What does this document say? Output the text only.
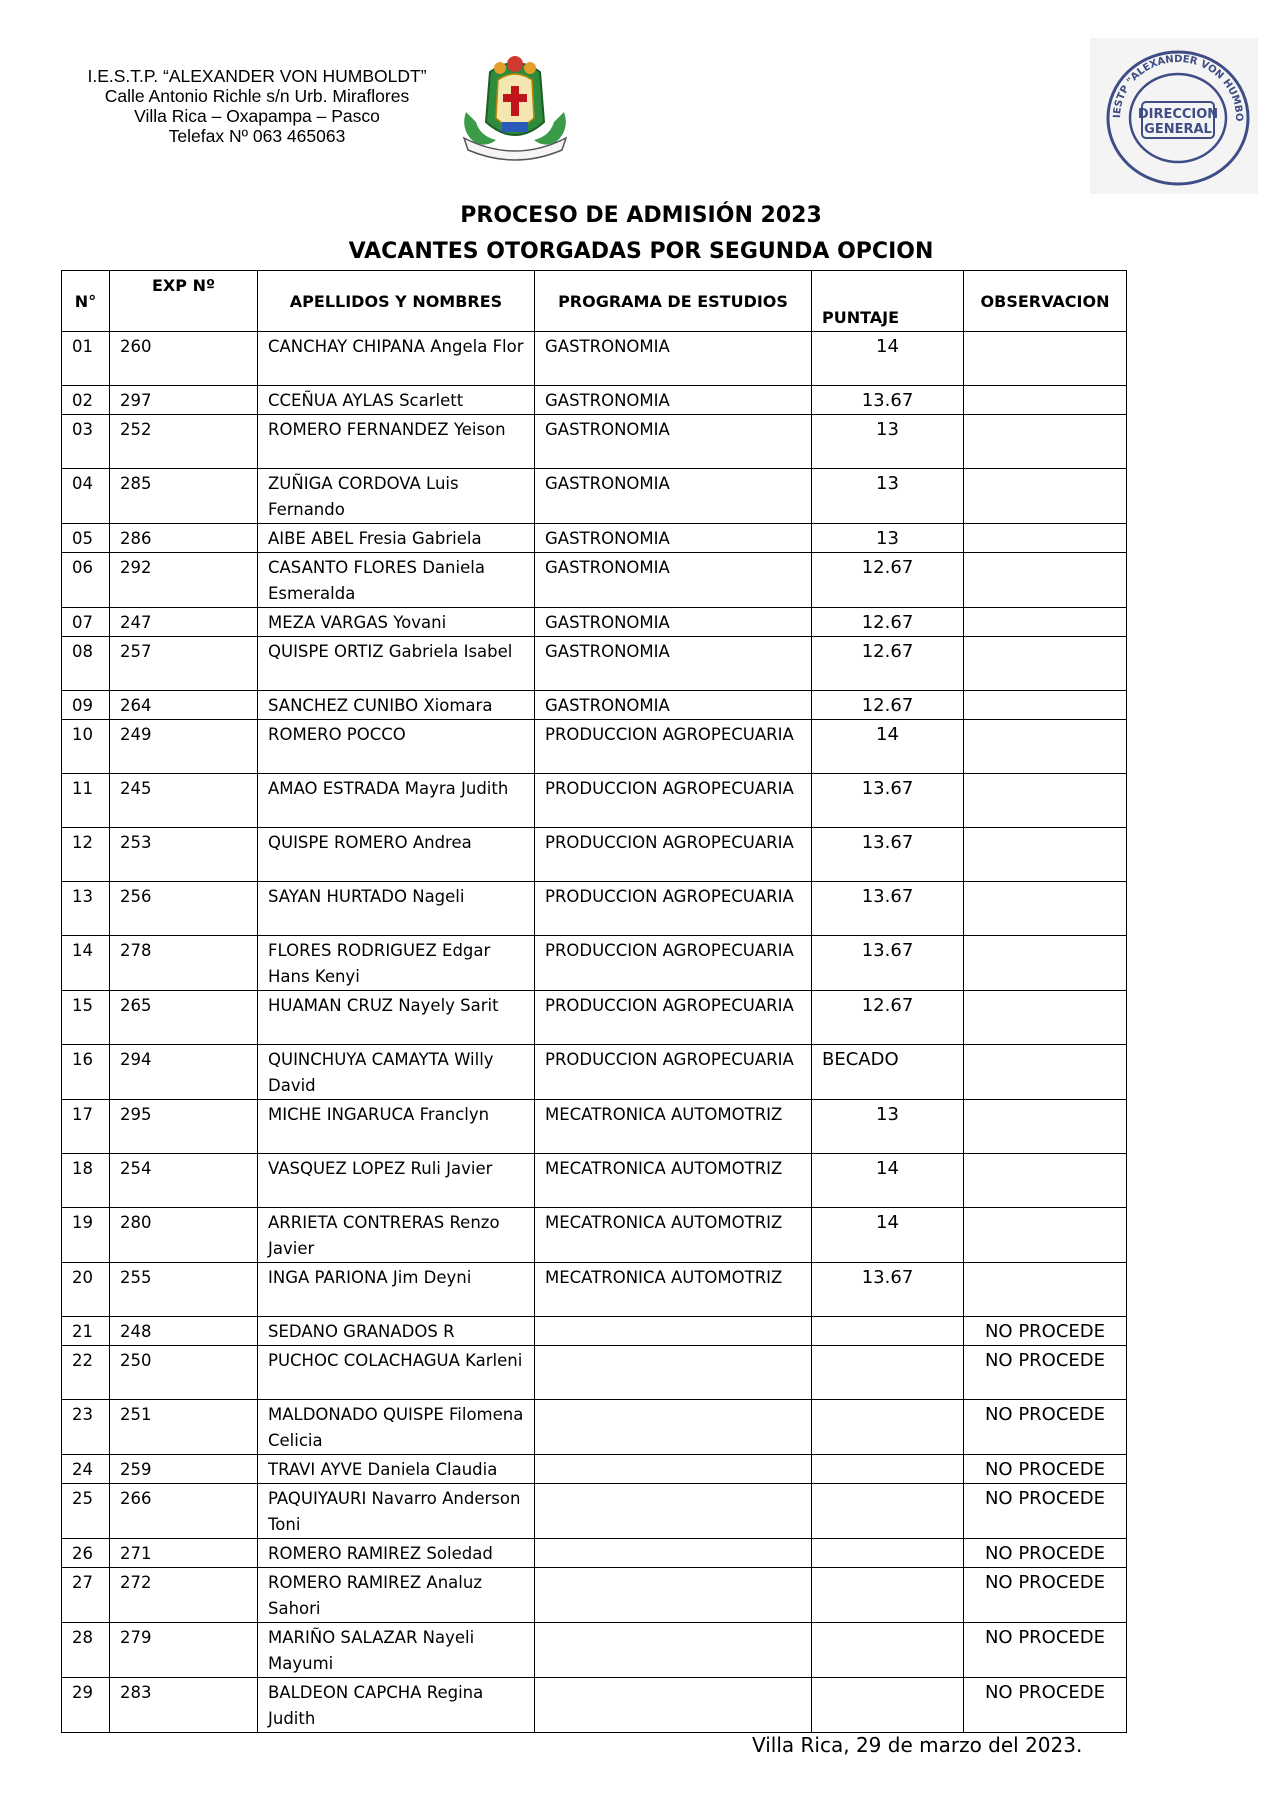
I.E.S.T.P. “ALEXANDER VON HUMBOLDT”
Calle Antonio Richle s/n Urb. Miraflores
Villa Rica – Oxapampa – Pasco
Telefax Nº 063 465063
DIRECCION
GENERAL
IESTP "ALEXANDER VON HUMBO
PROCESO DE ADMISIÓN 2023
VACANTES OTORGADAS POR SEGUNDA OPCION
N°	EXP Nº	APELLIDOS Y NOMBRES	PROGRAMA DE ESTUDIOS	PUNTAJE	OBSERVACION
01	260	CANCHAY CHIPANA Angela Flor	GASTRONOMIA	14	
02	297	CCEÑUA AYLAS Scarlett	GASTRONOMIA	13.67	
03	252	ROMERO FERNANDEZ Yeison	GASTRONOMIA	13	
04	285	ZUÑIGA CORDOVA Luis Fernando	GASTRONOMIA	13	
05	286	AIBE ABEL Fresia Gabriela	GASTRONOMIA	13	
06	292	CASANTO FLORES Daniela Esmeralda	GASTRONOMIA	12.67	
07	247	MEZA VARGAS Yovani	GASTRONOMIA	12.67	
08	257	QUISPE ORTIZ Gabriela Isabel	GASTRONOMIA	12.67	
09	264	SANCHEZ CUNIBO Xiomara	GASTRONOMIA	12.67	
10	249	ROMERO POCCO	PRODUCCION AGROPECUARIA	14	
11	245	AMAO ESTRADA Mayra Judith	PRODUCCION AGROPECUARIA	13.67	
12	253	QUISPE ROMERO Andrea	PRODUCCION AGROPECUARIA	13.67	
13	256	SAYAN HURTADO Nageli	PRODUCCION AGROPECUARIA	13.67	
14	278	FLORES RODRIGUEZ Edgar Hans Kenyi	PRODUCCION AGROPECUARIA	13.67	
15	265	HUAMAN CRUZ Nayely Sarit	PRODUCCION AGROPECUARIA	12.67	
16	294	QUINCHUYA CAMAYTA Willy David	PRODUCCION AGROPECUARIA	BECADO	
17	295	MICHE INGARUCA Franclyn	MECATRONICA AUTOMOTRIZ	13	
18	254	VASQUEZ LOPEZ Ruli Javier	MECATRONICA AUTOMOTRIZ	14	
19	280	ARRIETA CONTRERAS Renzo Javier	MECATRONICA AUTOMOTRIZ	14	
20	255	INGA PARIONA Jim Deyni	MECATRONICA AUTOMOTRIZ	13.67	
21	248	SEDANO GRANADOS R			NO PROCEDE
22	250	PUCHOC COLACHAGUA Karleni			NO PROCEDE
23	251	MALDONADO QUISPE Filomena Celicia			NO PROCEDE
24	259	TRAVI AYVE Daniela Claudia			NO PROCEDE
25	266	PAQUIYAURI Navarro Anderson Toni			NO PROCEDE
26	271	ROMERO RAMIREZ Soledad			NO PROCEDE
27	272	ROMERO RAMIREZ Analuz Sahori			NO PROCEDE
28	279	MARIÑO SALAZAR Nayeli Mayumi			NO PROCEDE
29	283	BALDEON CAPCHA Regina Judith			NO PROCEDE
Villa Rica, 29 de marzo del 2023.
